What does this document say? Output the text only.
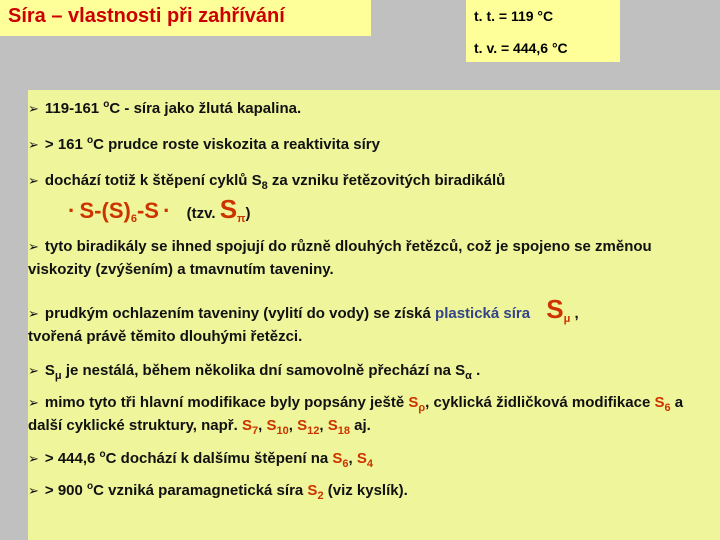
Síra – vlastnosti při zahřívání	t. t. = 119 °C
t. v. = 444,6 °C
➢ 119-161 $^o$C - síra jako žlutá kapalina.
➢ > 161 $^o$C prudce roste viskozita a reaktivita síry
➢ dochází totiž k štěpení cyklů $S_8$ za vzniku řetězovitých biradikálů
· $S-(S)_6-S \cdot (tzv$. $S_\pi$)
➢ tyto biradikály se ihned spojují do různě dlouhých řetězců, což je spojeno se změnou viskozity (zvýšením) a tmavnutím taveniny.
➢ prudkým ochlazením taveniny (vylití do vody) se získá plastická síra $S_\mu$ ,
tvořená právě těmito dlouhými řetězci.
➢ $S_\mu$ je nestálá, během několika dní samovolně přechází na $S_\alpha$ .
➢ mimo tyto tři hlavní modifikace byly popsány ještě $S_\rho$, cyklická židličková modifikace $S_6$ a další cyklické struktury, např. $S_7$, $S_{10}$, $S_{12}$, $S_{18}$ aj.
➢ > 444,6 $^o$C dochází k dalšímu štěpení na $S_6$, $S_4$
➢ > 900 $^o$C vzniká paramagnetická síra $S_2$ (viz kyslík).
